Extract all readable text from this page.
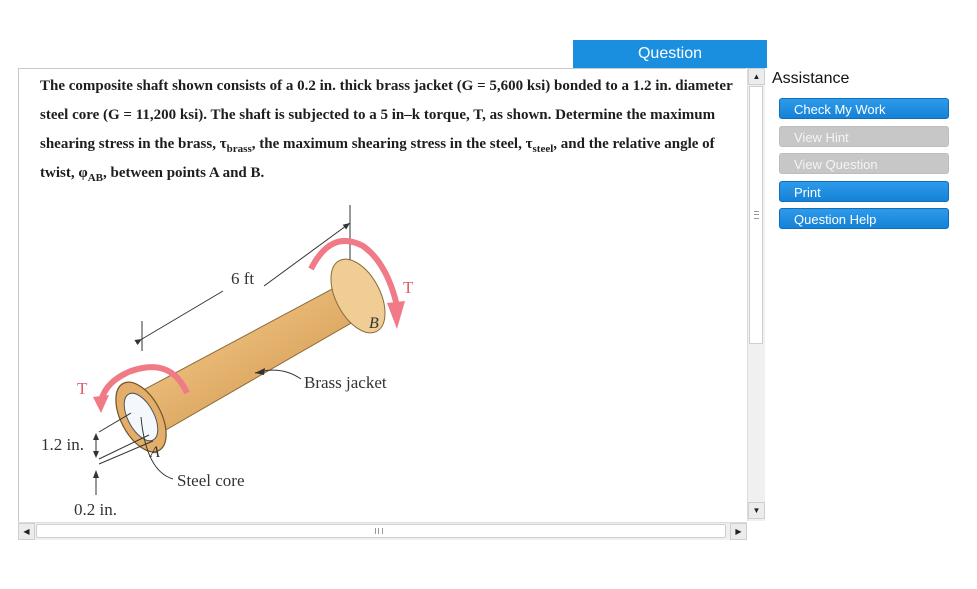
Question

The composite shaft shown consists of a 0.2 in. thick brass jacket (G = 5,600 ksi) bonded to a 1.2 in. diameter steel core (G = 11,200 ksi). The shaft is subjected to a 5 in–k torque, T, as shown. Determine the maximum shearing stress in the brass, $\tau_{brass}$, the maximum shearing stress in the steel, $\tau_{steel}$, and the relative angle of twist, $\varphi_{AB}$, between points A and B.

6 ft	T
B
T	Brass jacket
A
Steel core
1.2 in.
0.2 in.
▲
▼
◀	▶
Assistance
Check My Work
View Hint
View Question
Print
Question Help
